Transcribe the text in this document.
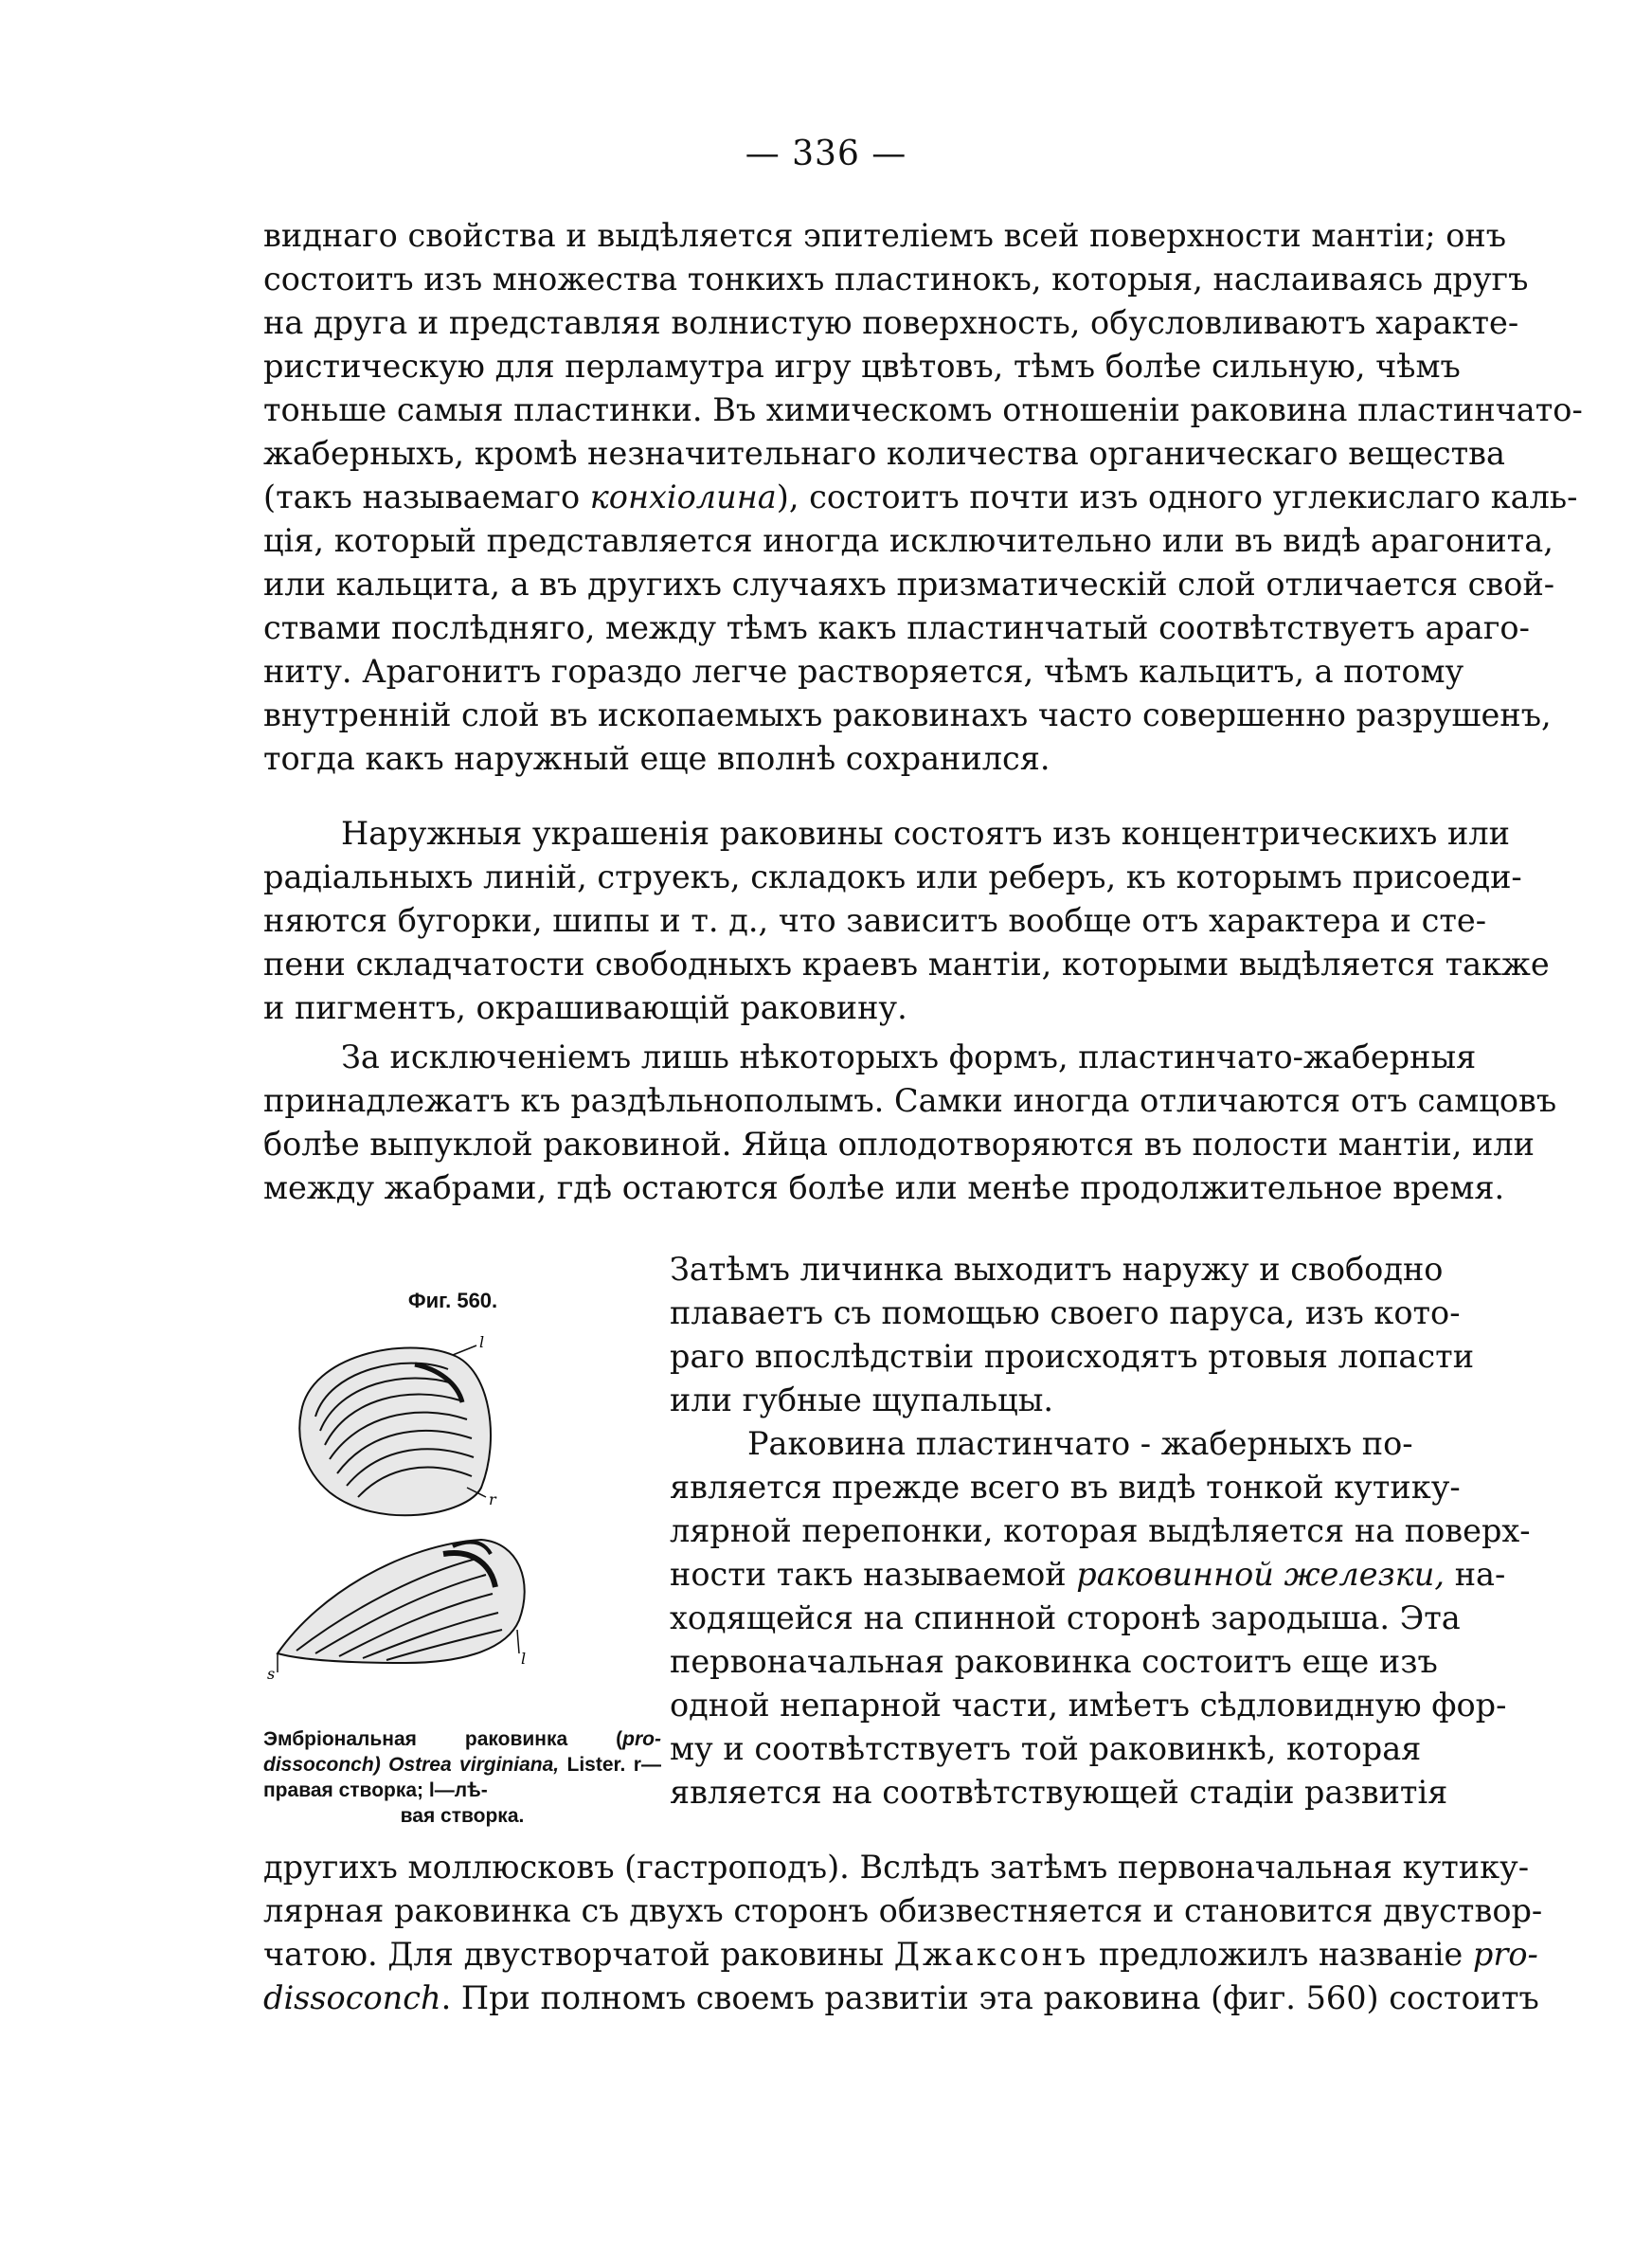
— 336 —
виднаго свойства и выдѣляется эпителіемъ всей поверхности мантіи; онъ
состоитъ изъ множества тонкихъ пластинокъ, которыя, наслаиваясь другъ
на друга и представляя волнистую поверхность, обусловливаютъ характе-
ристическую для перламутра игру цвѣтовъ, тѣмъ болѣе сильную, чѣмъ
тоньше самыя пластинки. Въ химическомъ отношеніи раковина пластинчато-
жаберныхъ, кромѣ незначительнаго количества органическаго вещества
(такъ называемаго конхіолина), состоитъ почти изъ одного углекислаго каль-
ція, который представляется иногда исключительно или въ видѣ арагонита,
или кальцита, а въ другихъ случаяхъ призматическій слой отличается свой-
ствами послѣдняго, между тѣмъ какъ пластинчатый соотвѣтствуетъ араго-
ниту. Арагонитъ гораздо легче растворяется, чѣмъ кальцитъ, а потому
внутренній слой въ ископаемыхъ раковинахъ часто совершенно разрушенъ,
тогда какъ наружный еще вполнѣ сохранился.
Наружныя украшенія раковины состоятъ изъ концентрическихъ или
радіальныхъ линій, струекъ, складокъ или реберъ, къ которымъ присоеди-
няются бугорки, шипы и т. д., что зависитъ вообще отъ характера и сте-
пени складчатости свободныхъ краевъ мантіи, которыми выдѣляется также
и пигментъ, окрашивающій раковину.
За исключеніемъ лишь нѣкоторыхъ формъ, пластинчато-жаберныя
принадлежатъ къ раздѣльнополымъ. Самки иногда отличаются отъ самцовъ
болѣе выпуклой раковиной. Яйца оплодотворяются въ полости мантіи, или
между жабрами, гдѣ остаются болѣе или менѣе продолжительное время.
Фиг. 560.
l
r
s
l
Эмбріональная раковинка (pro- dissoconch) Ostrea virginiana, Lister. r—правая створка; l—лѣ-
вая створка.
Затѣмъ личинка выходитъ наружу и свободно
плаваетъ съ помощью своего паруса, изъ кото-
раго впослѣдствіи происходятъ ртовыя лопасти
или губные щупальцы.
Раковина пластинчато - жаберныхъ по-
является прежде всего въ видѣ тонкой кутику-
лярной перепонки, которая выдѣляется на поверх-
ности такъ называемой раковинной железки, на-
ходящейся на спинной сторонѣ зародыша. Эта
первоначальная раковинка состоитъ еще изъ
одной непарной части, имѣетъ сѣдловидную фор-
му и соотвѣтствуетъ той раковинкѣ, которая
является на соотвѣтствующей стадіи развитія
другихъ моллюсковъ (гастроподъ). Вслѣдъ затѣмъ первоначальная кутику-
лярная раковинка съ двухъ сторонъ обизвестняется и становится двуствор-
чатою. Для двустворчатой раковины Джаксонъ предложилъ названіе pro-
dissoconch. При полномъ своемъ развитіи эта раковина (фиг. 560) состоитъ
